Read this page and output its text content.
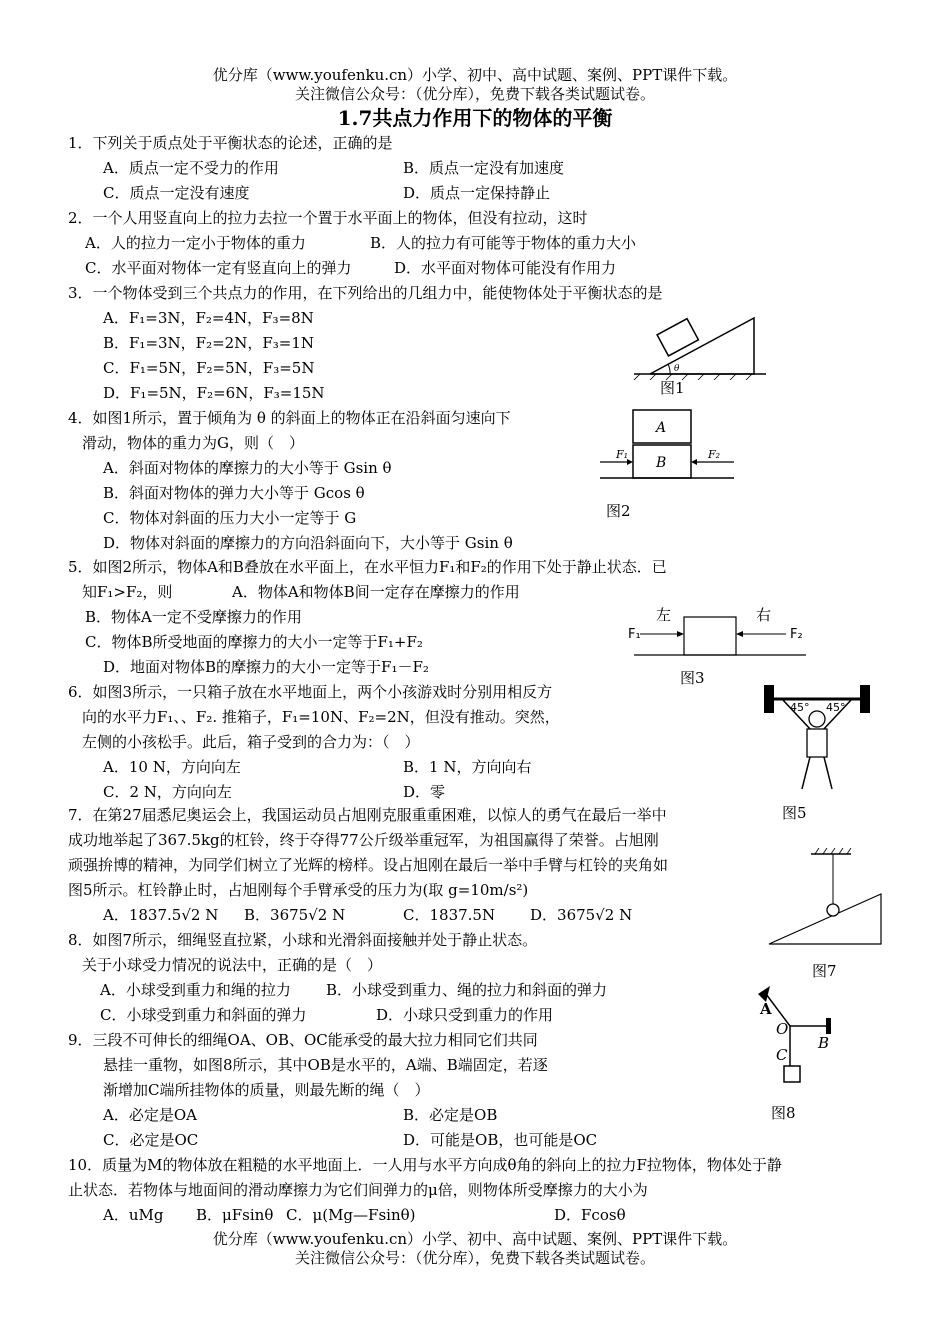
优分库（www.youfenku.cn）小学、初中、高中试题、案例、PPT课件下载。
关注微信公众号：（优分库），免费下载各类试题试卷。
1.7共点力作用下的物体的平衡
1．下列关于质点处于平衡状态的论述，正确的是
A．质点一定不受力的作用	B．质点一定没有加速度
C．质点一定没有速度	D．质点一定保持静止
2．一个人用竖直向上的拉力去拉一个置于水平面上的物体，但没有拉动，这时
A．人的拉力一定小于物体的重力	B．人的拉力有可能等于物体的重力大小
C．水平面对物体一定有竖直向上的弹力	D．水平面对物体可能没有作用力
3．一个物体受到三个共点力的作用，在下列给出的几组力中，能使物体处于平衡状态的是
A．F₁=3N，F₂=4N，F₃=8N
B．F₁=3N，F₂=2N，F₃=1N
C．F₁=5N，F₂=5N，F₃=5N
D．F₁=5N，F₂=6N，F₃=15N
4．如图1所示，置于倾角为 θ 的斜面上的物体正在沿斜面匀速向下
滑动，物体的重力为G，则（　）
A．斜面对物体的摩擦力的大小等于 Gsin θ
B．斜面对物体的弹力大小等于 Gcos θ
C．物体对斜面的压力大小一定等于 G
D．物体对斜面的摩擦力的方向沿斜面向下，大小等于 Gsin θ
5．如图2所示，物体A和B叠放在水平面上，在水平恒力F₁和F₂的作用下处于静止状态．已
知F₁>F₂，则	A．物体A和物体B间一定存在摩擦力的作用
B．物体A一定不受摩擦力的作用
C．物体B所受地面的摩擦力的大小一定等于F₁+F₂
D．地面对物体B的摩擦力的大小一定等于F₁－F₂
6．如图3所示，一只箱子放在水平地面上，两个小孩游戏时分别用相反方
向的水平力F₁、、F₂. 推箱子，F₁=10N、F₂=2N，但没有推动。突然，
左侧的小孩松手。此后，箱子受到的合力为：（　）
A．10 N，方向向左	B．1 N，方向向右
C．2 N，方向向左	D．零
7．在第27届悉尼奥运会上，我国运动员占旭刚克服重重困难，以惊人的勇气在最后一举中
成功地举起了367.5kg的杠铃，终于夺得77公斤级举重冠军，为祖国赢得了荣誉。占旭刚
顽强拚博的精神，为同学们树立了光辉的榜样。设占旭刚在最后一举中手臂与杠铃的夹角如
图5所示。杠铃静止时，占旭刚每个手臂承受的压力为(取 g=10m/s²)
A．1837.5√2 N B．3675√2 N	C．1837.5N D．3675√2 N
8．如图7所示，细绳竖直拉紧，小球和光滑斜面接触并处于静止状态。
关于小球受力情况的说法中，正确的是（　）
A．小球受到重力和绳的拉力 B．小球受到重力、绳的拉力和斜面的弹力
C．小球受到重力和斜面的弹力	D．小球只受到重力的作用
9．三段不可伸长的细绳OA、OB、OC能承受的最大拉力相同它们共同
悬挂一重物，如图8所示，其中OB是水平的，A端、B端固定，若逐
渐增加C端所挂物体的质量，则最先断的绳（　）
A．必定是OA	B．必定是OB
C．必定是OC	D．可能是OB，也可能是OC
10．质量为M的物体放在粗糙的水平地面上．一人用与水平方向成θ角的斜向上的拉力F拉物体，物体处于静
止状态．若物体与地面间的滑动摩擦力为它们间弹力的μ倍，则物体所受摩擦力的大小为
A．uMg B．μFsinθ C．μ(Mg—Fsinθ)	D．Fcosθ
优分库（www.youfenku.cn）小学、初中、高中试题、案例、PPT课件下载。
关注微信公众号：（优分库），免费下载各类试题试卷。
θ
图1
A
B
F₁	F₂
图2
左	右
F₁	F₂
图3
45° 45°
图5
图7
A
O
B
C
图8
